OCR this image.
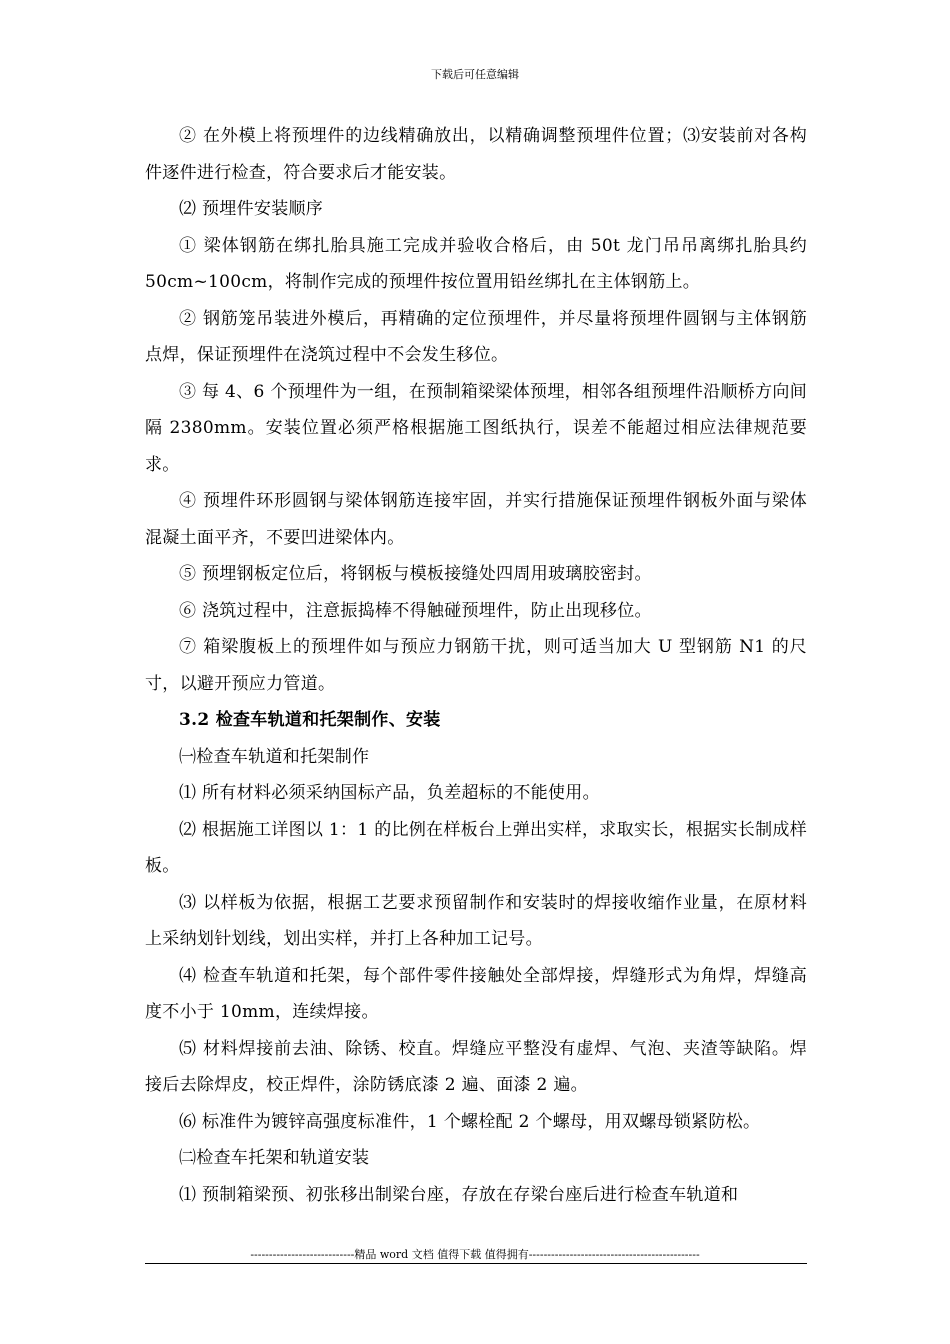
下载后可任意编辑

② 在外模上将预埋件的边线精确放出，以精确调整预埋件位置；⑶安装前对各构件逐件进行检查，符合要求后才能安装。

⑵ 预埋件安装顺序

① 梁体钢筋在绑扎胎具施工完成并验收合格后，由 50t 龙门吊吊离绑扎胎具约 50cm~100cm，将制作完成的预埋件按位置用铅丝绑扎在主体钢筋上。

② 钢筋笼吊装进外模后，再精确的定位预埋件，并尽量将预埋件圆钢与主体钢筋点焊，保证预埋件在浇筑过程中不会发生移位。

③ 每 4、6 个预埋件为一组，在预制箱梁梁体预埋，相邻各组预埋件沿顺桥方向间隔 2380mm。安装位置必须严格根据施工图纸执行，误差不能超过相应法律规范要求。

④ 预埋件环形圆钢与梁体钢筋连接牢固，并实行措施保证预埋件钢板外面与梁体混凝土面平齐，不要凹进梁体内。

⑤ 预埋钢板定位后，将钢板与模板接缝处四周用玻璃胶密封。

⑥ 浇筑过程中，注意振捣棒不得触碰预埋件，防止出现移位。

⑦ 箱梁腹板上的预埋件如与预应力钢筋干扰，则可适当加大 U 型钢筋 N1 的尺寸，以避开预应力管道。

3.2 检查车轨道和托架制作、安装

㈠检查车轨道和托架制作

⑴ 所有材料必须采纳国标产品，负差超标的不能使用。

⑵ 根据施工详图以 1：1 的比例在样板台上弹出实样，求取实长，根据实长制成样板。

⑶ 以样板为依据，根据工艺要求预留制作和安装时的焊接收缩作业量，在原材料上采纳划针划线，划出实样，并打上各种加工记号。

⑷ 检查车轨道和托架，每个部件零件接触处全部焊接，焊缝形式为角焊，焊缝高度不小于 10mm，连续焊接。

⑸ 材料焊接前去油、除锈、校直。焊缝应平整没有虚焊、气泡、夹渣等缺陷。焊接后去除焊皮，校正焊件，涂防锈底漆 2 遍、面漆 2 遍。

⑹ 标准件为镀锌高强度标准件，1 个螺栓配 2 个螺母，用双螺母锁紧防松。

㈡检查车托架和轨道安装

⑴ 预制箱梁预、初张移出制梁台座，存放在存梁台座后进行检查车轨道和

----------------------------精品 word 文档 值得下载 值得拥有----------------------------------------------
